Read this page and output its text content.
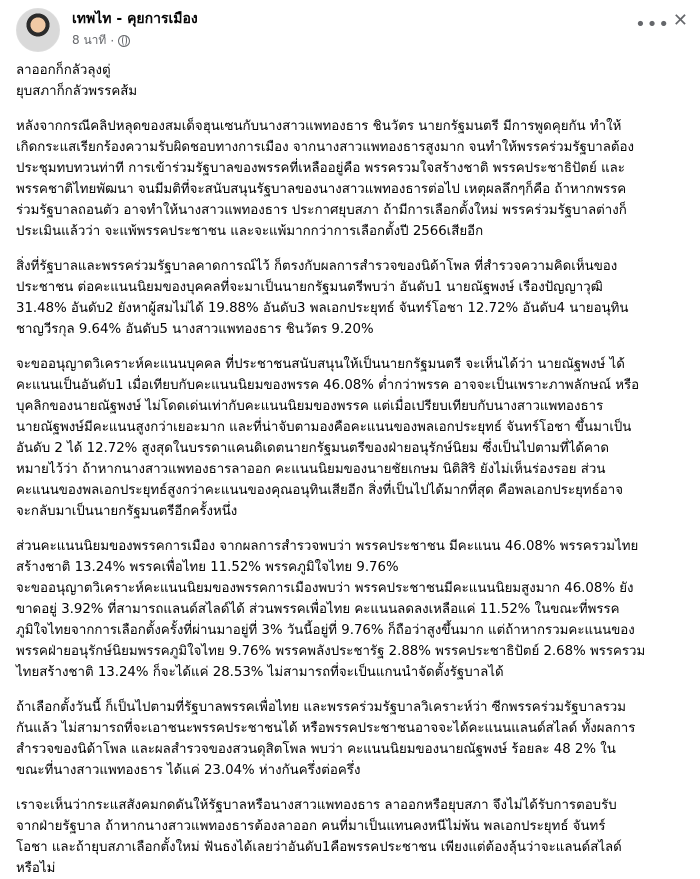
เทพไท - คุยการเมือง
8 นาที ·
••• ✕

ลาออกก็กลัวลุงตู่
ยุบสภาก็กลัวพรรคส้ม

หลังจากกรณีคลิปหลุดของสมเด็จฮุนเซนกับนางสาวแพทองธาร ชินวัตร นายกรัฐมนตรี มีการพูดคุยกัน ทำให้
เกิดกระแสเรียกร้องความรับผิดชอบทางการเมือง จากนางสาวแพทองธารสูงมาก จนทำให้พรรคร่วมรัฐบาลต้อง
ประชุมทบทวนท่าที การเข้าร่วมรัฐบาลของพรรคที่เหลืออยู่คือ พรรครวมใจสร้างชาติ พรรคประชาธิปัตย์ และ
พรรคชาติไทยพัฒนา จนมีมติที่จะสนับสนุนรัฐบาลของนางสาวแพทองธารต่อไป เหตุผลลึกๆก็คือ ถ้าหากพรรค
ร่วมรัฐบาลถอนตัว อาจทำให้นางสาวแพทองธาร ประกาศยุบสภา ถ้ามีการเลือกตั้งใหม่ พรรคร่วมรัฐบาลต่างก็
ประเมินแล้วว่า จะแพ้พรรคประชาชน และจะแพ้มากกว่าการเลือกตั้งปี 2566เสียอีก

สิ่งที่รัฐบาลและพรรคร่วมรัฐบาลคาดการณ์ไว้ ก็ตรงกับผลการสำรวจของนิด้าโพล ที่สำรวจความคิดเห็นของ
ประชาชน ต่อคะแนนนิยมของบุคคลที่จะมาเป็นนายกรัฐมนตรีพบว่า อันดับ1 นายณัฐพงษ์ เรืองปัญญาวุฒิ
31.48% อันดับ2 ยังหาผู้สมไม่ได้ 19.88% อันดับ3 พลเอกประยุทธ์ จันทร์โอชา 12.72% อันดับ4 นายอนุทิน
ชาญวีรกุล 9.64% อันดับ5 นางสาวแพทองธาร ชินวัตร 9.20%

จะขออนุญาตวิเคราะห์คะแนนบุคคล ที่ประชาชนสนับสนุนให้เป็นนายกรัฐมนตรี จะเห็นได้ว่า นายณัฐพงษ์ ได้
คะแนนเป็นอันดับ1 เมื่อเทียบกับคะแนนนิยมของพรรค 46.08% ต่ำกว่าพรรค อาจจะเป็นเพราะภาพลักษณ์ หรือ
บุคลิกของนายณัฐพงษ์ ไม่โดดเด่นเท่ากับคะแนนนิยมของพรรค แต่เมื่อเปรียบเทียบกับนางสาวแพทองธาร
นายณัฐพงษ์มีคะแนนสูงกว่าเยอะมาก และที่น่าจับตามองคือคะแนนของพลเอกประยุทธ์ จันทร์โอชา ขึ้นมาเป็น
อันดับ 2 ได้ 12.72% สูงสุดในบรรดาแคนดิเดตนายกรัฐมนตรีของฝ่ายอนุรักษ์นิยม ซึ่งเป็นไปตามที่ได้คาด
หมายไว้ว่า ถ้าหากนางสาวแพทองธารลาออก คะแนนนิยมของนายชัยเกษม นิติสิริ ยังไม่เห็นร่องรอย ส่วน
คะแนนของพลเอกประยุทธ์สูงกว่าคะแนนของคุณอนุทินเสียอีก สิ่งที่เป็นไปได้มากที่สุด คือพลเอกประยุทธ์อาจ
จะกลับมาเป็นนายกรัฐมนตรีอีกครั้งหนึ่ง

ส่วนคะแนนนิยมของพรรคการเมือง จากผลการสำรวจพบว่า พรรคประชาชน มีคะแนน 46.08% พรรครวมไทย
สร้างชาติ 13.24% พรรคเพื่อไทย 11.52% พรรคภูมิใจไทย 9.76%

จะขออนุญาตวิเคราะห์คะแนนนิยมของพรรคการเมืองพบว่า พรรคประชาชนมีคะแนนนิยมสูงมาก 46.08% ยัง
ขาดอยู่ 3.92% ที่สามารถแลนด์สไลด์ได้ ส่วนพรรคเพื่อไทย คะแนนลดลงเหลือแค่ 11.52% ในขณะที่พรรค
ภูมิใจไทยจากการเลือกตั้งครั้งที่ผ่านมาอยู่ที่ 3% วันนี้อยู่ที่ 9.76% ก็ถือว่าสูงขึ้นมาก แต่ถ้าหากรวมคะแนนของ
พรรคฝ่ายอนุรักษ์นิยมพรรคภูมิใจไทย 9.76% พรรคพลังประชารัฐ 2.88% พรรคประชาธิปัตย์ 2.68% พรรครวม
ไทยสร้างชาติ 13.24% ก็จะได้แค่ 28.53% ไม่สามารถที่จะเป็นแกนนำจัดตั้งรัฐบาลได้

ถ้าเลือกตั้งวันนี้ ก็เป็นไปตามที่รัฐบาลพรรคเพื่อไทย และพรรคร่วมรัฐบาลวิเคราะห์ว่า ซีกพรรคร่วมรัฐบาลรวม
กันแล้ว ไม่สามารถที่จะเอาชนะพรรคประชาชนได้ หรือพรรคประชาชนอาจจะได้คะแนนแลนด์สไลด์ ทั้งผลการ
สำรวจของนิด้าโพล และผลสำรวจของสวนดุสิตโพล พบว่า คะแนนนิยมของนายณัฐพงษ์ ร้อยละ 48 2% ใน
ขณะที่นางสาวแพทองธาร ได้แค่ 23.04% ห่างกันครึ่งต่อครึ่ง

เราจะเห็นว่ากระแสสังคมกดดันให้รัฐบาลหรือนางสาวแพทองธาร ลาออกหรือยุบสภา จึงไม่ได้รับการตอบรับ
จากฝ่ายรัฐบาล ถ้าหากนางสาวแพทองธารต้องลาออก คนที่มาเป็นแทนคงหนีไม่พ้น พลเอกประยุทธ์ จันทร์
โอชา และถ้ายุบสภาเลือกตั้งใหม่ ฟันธงได้เลยว่าอันดับ1คือพรรคประชาชน เพียงแต่ต้องลุ้นว่าจะแลนด์สไลด์
หรือไม่
